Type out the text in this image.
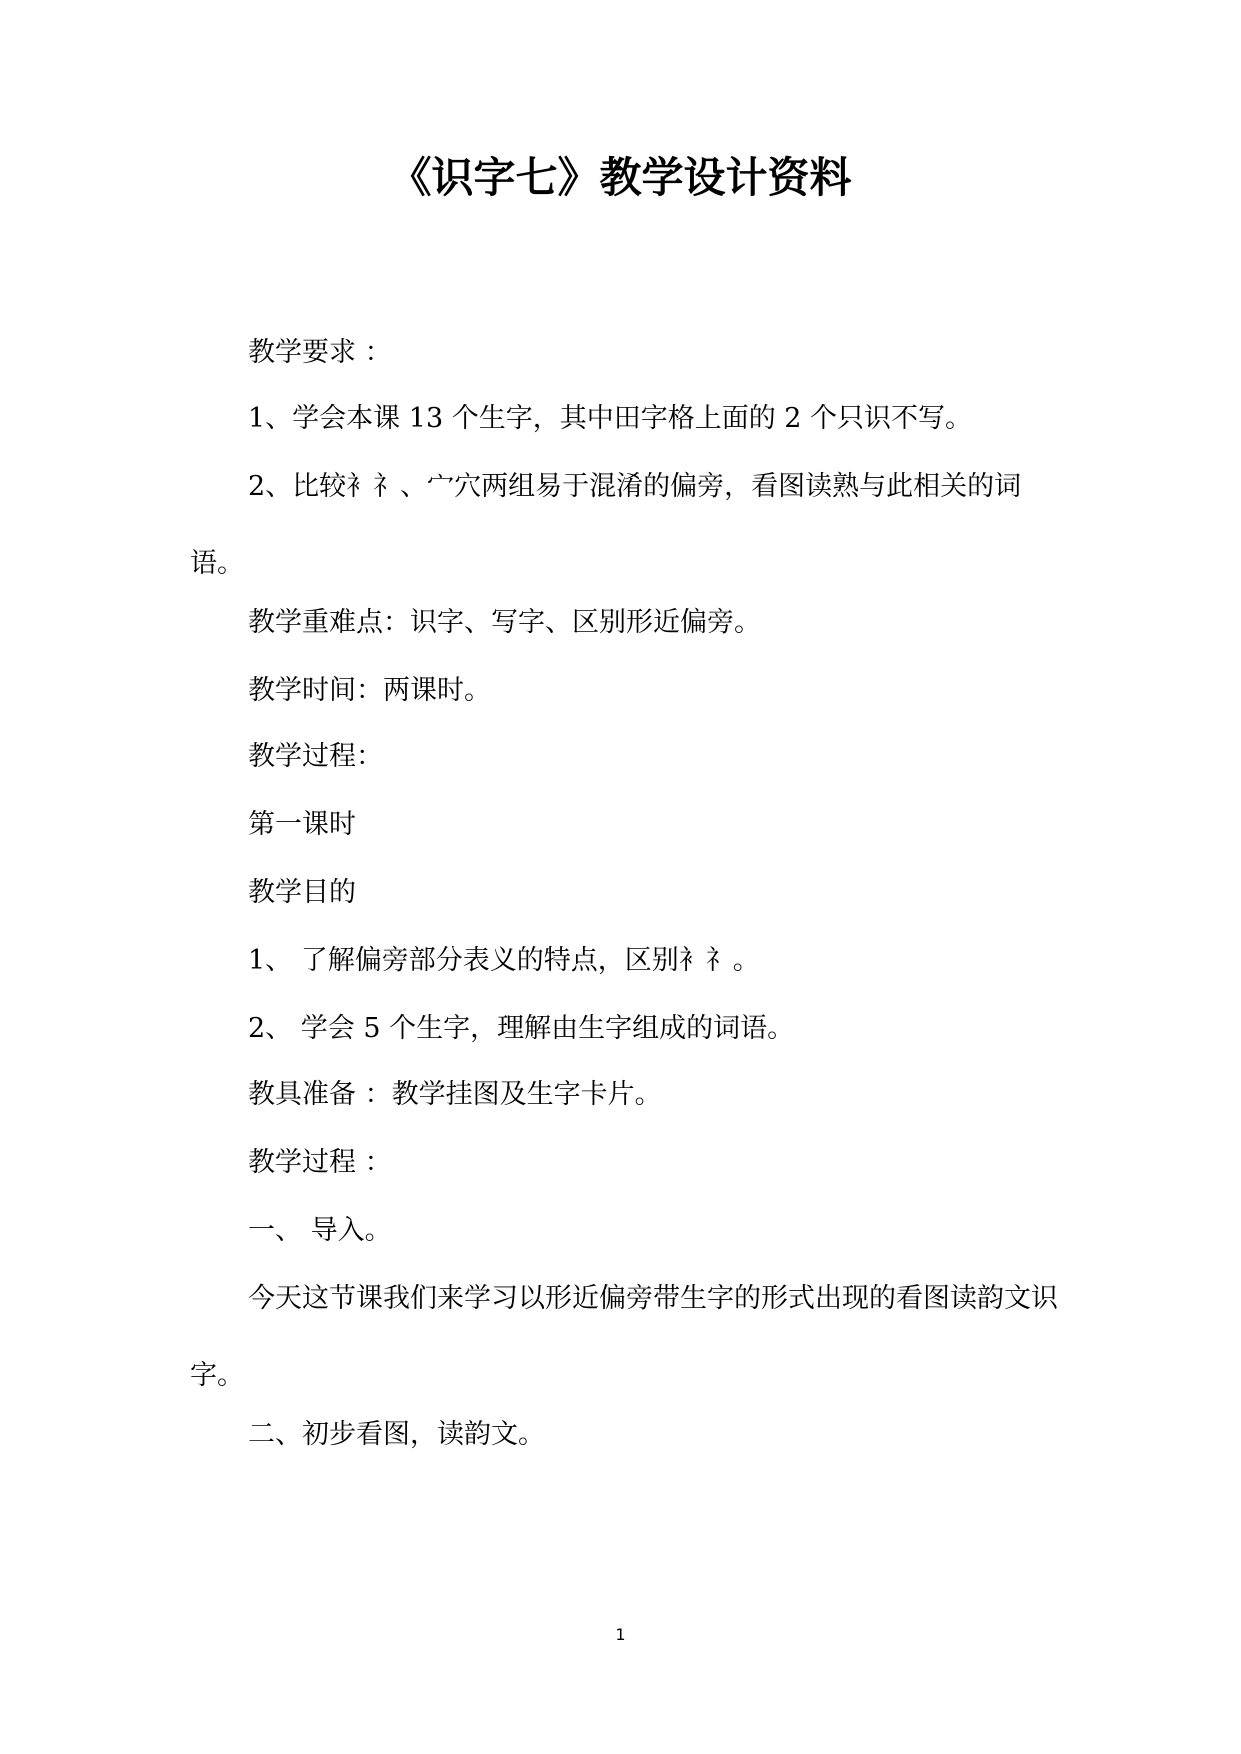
《识字七》教学设计资料

教学要求 ：

1、学会本课 13 个生字，其中田字格上面的 2 个只识不写。

2、比较衤礻、宀穴两组易于混淆的偏旁，看图读熟与此相关的词语。

教学重难点：识字、写字、区别形近偏旁。

教学时间：两课时。

教学过程：

第一课时

教学目的

1、 了解偏旁部分表义的特点，区别衤礻。

2、 学会 5 个生字，理解由生字组成的词语。

教具准备 ：教学挂图及生字卡片。

教学过程 ：

一、 导入。

今天这节课我们来学习以形近偏旁带生字的形式出现的看图读韵文识字。

二、初步看图，读韵文。

1
